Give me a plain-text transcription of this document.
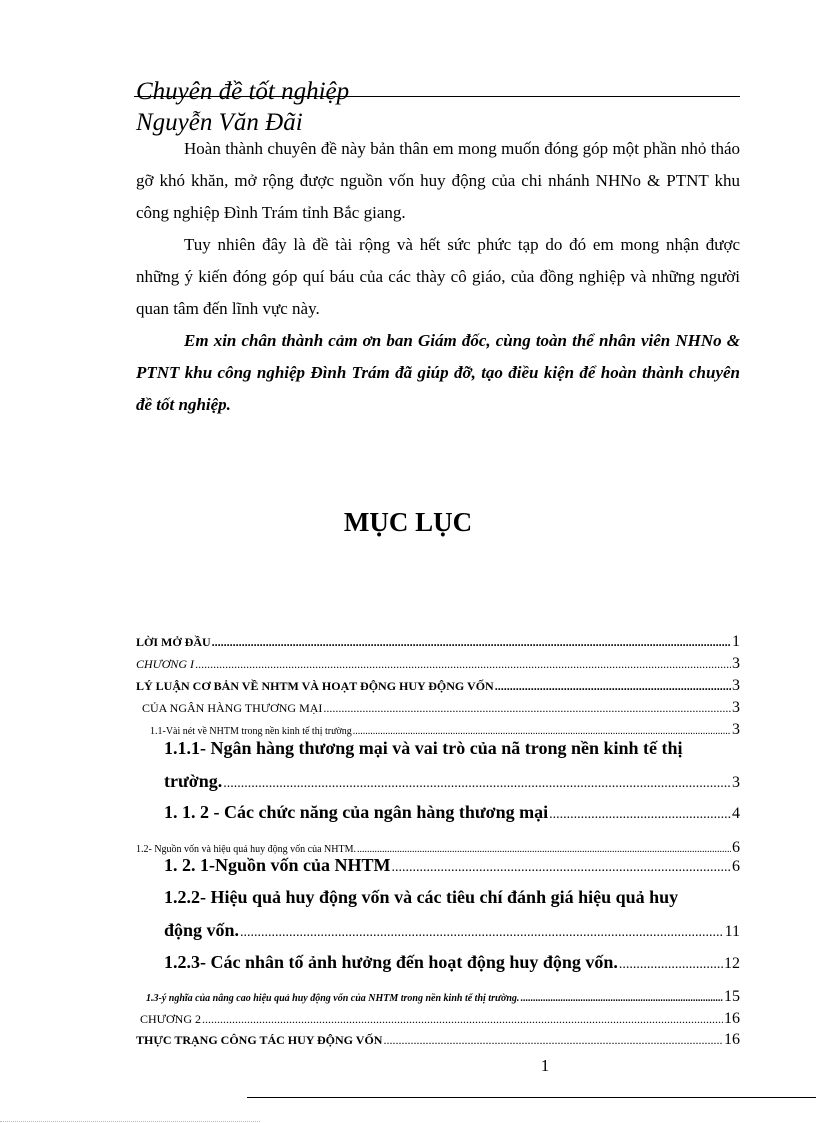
Chuyên đề tốt nghiệp
Nguyễn Văn Đãi
Hoàn thành chuyên đề này bản thân em mong muốn đóng góp một phần nhỏ tháo gỡ khó khăn, mở rộng được nguồn vốn huy động của chi nhánh NHNo & PTNT khu công nghiệp Đình Trám tỉnh Bắc giang.
Tuy nhiên đây là đề tài rộng và hết sức phức tạp do đó em mong nhận được những ý kiến đóng góp quí báu của các thày cô giáo, của đồng nghiệp và những người quan tâm đến lĩnh vực này.
Em xin chân thành cảm ơn ban Giám đốc, cùng toàn thể nhân viên NHNo & PTNT khu công nghiệp Đình Trám đã giúp đỡ, tạo điều kiện để hoàn thành chuyên đề tốt nghiệp.
MỤC LỤC
LỜI MỞ ĐẦU .....	1
CHƯƠNG I .....	3
LÝ LUẬN CƠ BẢN VỀ NHTM VÀ HOẠT ĐỘNG HUY ĐỘNG VỐN .....	3
CỦA NGÂN HÀNG THƯƠNG MẠI .....	3
1.1-Vài nét về NHTM trong nền kinh tế thị trường .....	3
1.1.1- Ngân hàng thương mại và vai trò của nã trong nền kinh tế thị
trường. .....	3
1. 1. 2 - Các chức năng của ngân hàng thương mại .....	4
1.2- Nguồn vốn và hiệu quả huy động vốn của NHTM. .....	6
1. 2. 1-Nguồn vốn của NHTM .....	6
1.2.2- Hiệu quả huy động vốn và các tiêu chí đánh giá hiệu quả huy
động vốn. .....	11
1.2.3- Các nhân tố ảnh hưởng đến hoạt động huy động vốn. .....	12
1.3-ý nghĩa của nâng cao hiệu quả huy động vốn của NHTM trong nền kinh tế thị trường. .....	15
CHƯƠNG 2 .....	16
THỰC TRẠNG CÔNG TÁC HUY ĐỘNG VỐN .....	16
1
